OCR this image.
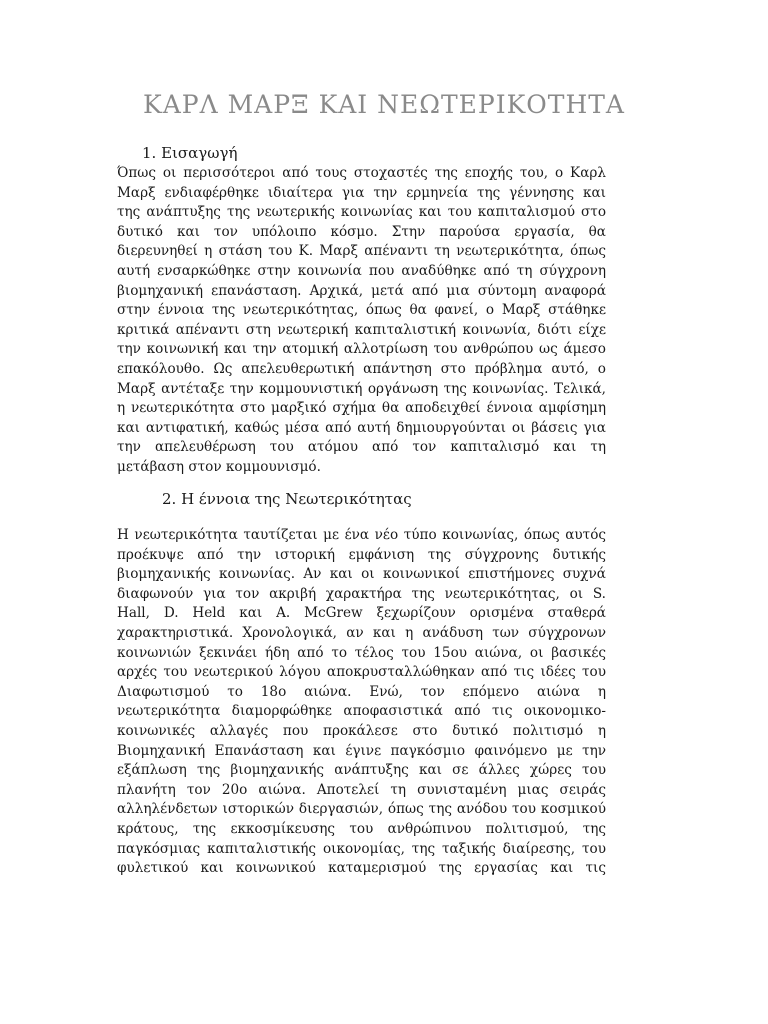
ΚΑΡΛ ΜΑΡΞ ΚΑΙ ΝΕΩΤΕΡΙΚΟΤΗΤΑ
1. Εισαγωγή
Όπως οι περισσότεροι από τους στοχαστές της εποχής του, ο Καρλ
Μαρξ ενδιαφέρθηκε ιδιαίτερα για την ερμηνεία της γέννησης και
της ανάπτυξης της νεωτερικής κοινωνίας και του καπιταλισμού στο
δυτικό και τον υπόλοιπο κόσμο. Στην παρούσα εργασία, θα
διερευνηθεί η στάση του Κ. Μαρξ απέναντι τη νεωτερικότητα, όπως
αυτή ενσαρκώθηκε στην κοινωνία που αναδύθηκε από τη σύγχρονη
βιομηχανική επανάσταση. Αρχικά, μετά από μια σύντομη αναφορά
στην έννοια της νεωτερικότητας, όπως θα φανεί, ο Μαρξ στάθηκε
κριτικά απέναντι στη νεωτερική καπιταλιστική κοινωνία, διότι είχε
την κοινωνική και την ατομική αλλοτρίωση του ανθρώπου ως άμεσο
επακόλουθο. Ως απελευθερωτική απάντηση στο πρόβλημα αυτό, ο
Μαρξ αντέταξε την κομμουνιστική οργάνωση της κοινωνίας. Τελικά,
η νεωτερικότητα στο μαρξικό σχήμα θα αποδειχθεί έννοια αμφίσημη
και αντιφατική, καθώς μέσα από αυτή δημιουργούνται οι βάσεις για
την απελευθέρωση του ατόμου από τον καπιταλισμό και τη
μετάβαση στον κομμουνισμό.
2. Η έννοια της Νεωτερικότητας
Η νεωτερικότητα ταυτίζεται με ένα νέο τύπο κοινωνίας, όπως αυτός
προέκυψε από την ιστορική εμφάνιση της σύγχρονης δυτικής
βιομηχανικής κοινωνίας. Αν και οι κοινωνικοί επιστήμονες συχνά
διαφωνούν για τον ακριβή χαρακτήρα της νεωτερικότητας, οι S.
Hall, D. Held και A. McGrew ξεχωρίζουν ορισμένα σταθερά
χαρακτηριστικά. Χρονολογικά, αν και η ανάδυση των σύγχρονων
κοινωνιών ξεκινάει ήδη από το τέλος του 15ου αιώνα, οι βασικές
αρχές του νεωτερικού λόγου αποκρυσταλλώθηκαν από τις ιδέες του
Διαφωτισμού το 18ο αιώνα. Ενώ, τον επόμενο αιώνα η
νεωτερικότητα διαμορφώθηκε αποφασιστικά από τις οικονομικο-
κοινωνικές αλλαγές που προκάλεσε στο δυτικό πολιτισμό η
Βιομηχανική Επανάσταση και έγινε παγκόσμιο φαινόμενο με την
εξάπλωση της βιομηχανικής ανάπτυξης και σε άλλες χώρες του
πλανήτη τον 20ο αιώνα. Αποτελεί τη συνισταμένη μιας σειράς
αλληλένδετων ιστορικών διεργασιών, όπως της ανόδου του κοσμικού
κράτους, της εκκοσμίκευσης του ανθρώπινου πολιτισμού, της
παγκόσμιας καπιταλιστικής οικονομίας, της ταξικής διαίρεσης, του
φυλετικού και κοινωνικού καταμερισμού της εργασίας και τις
